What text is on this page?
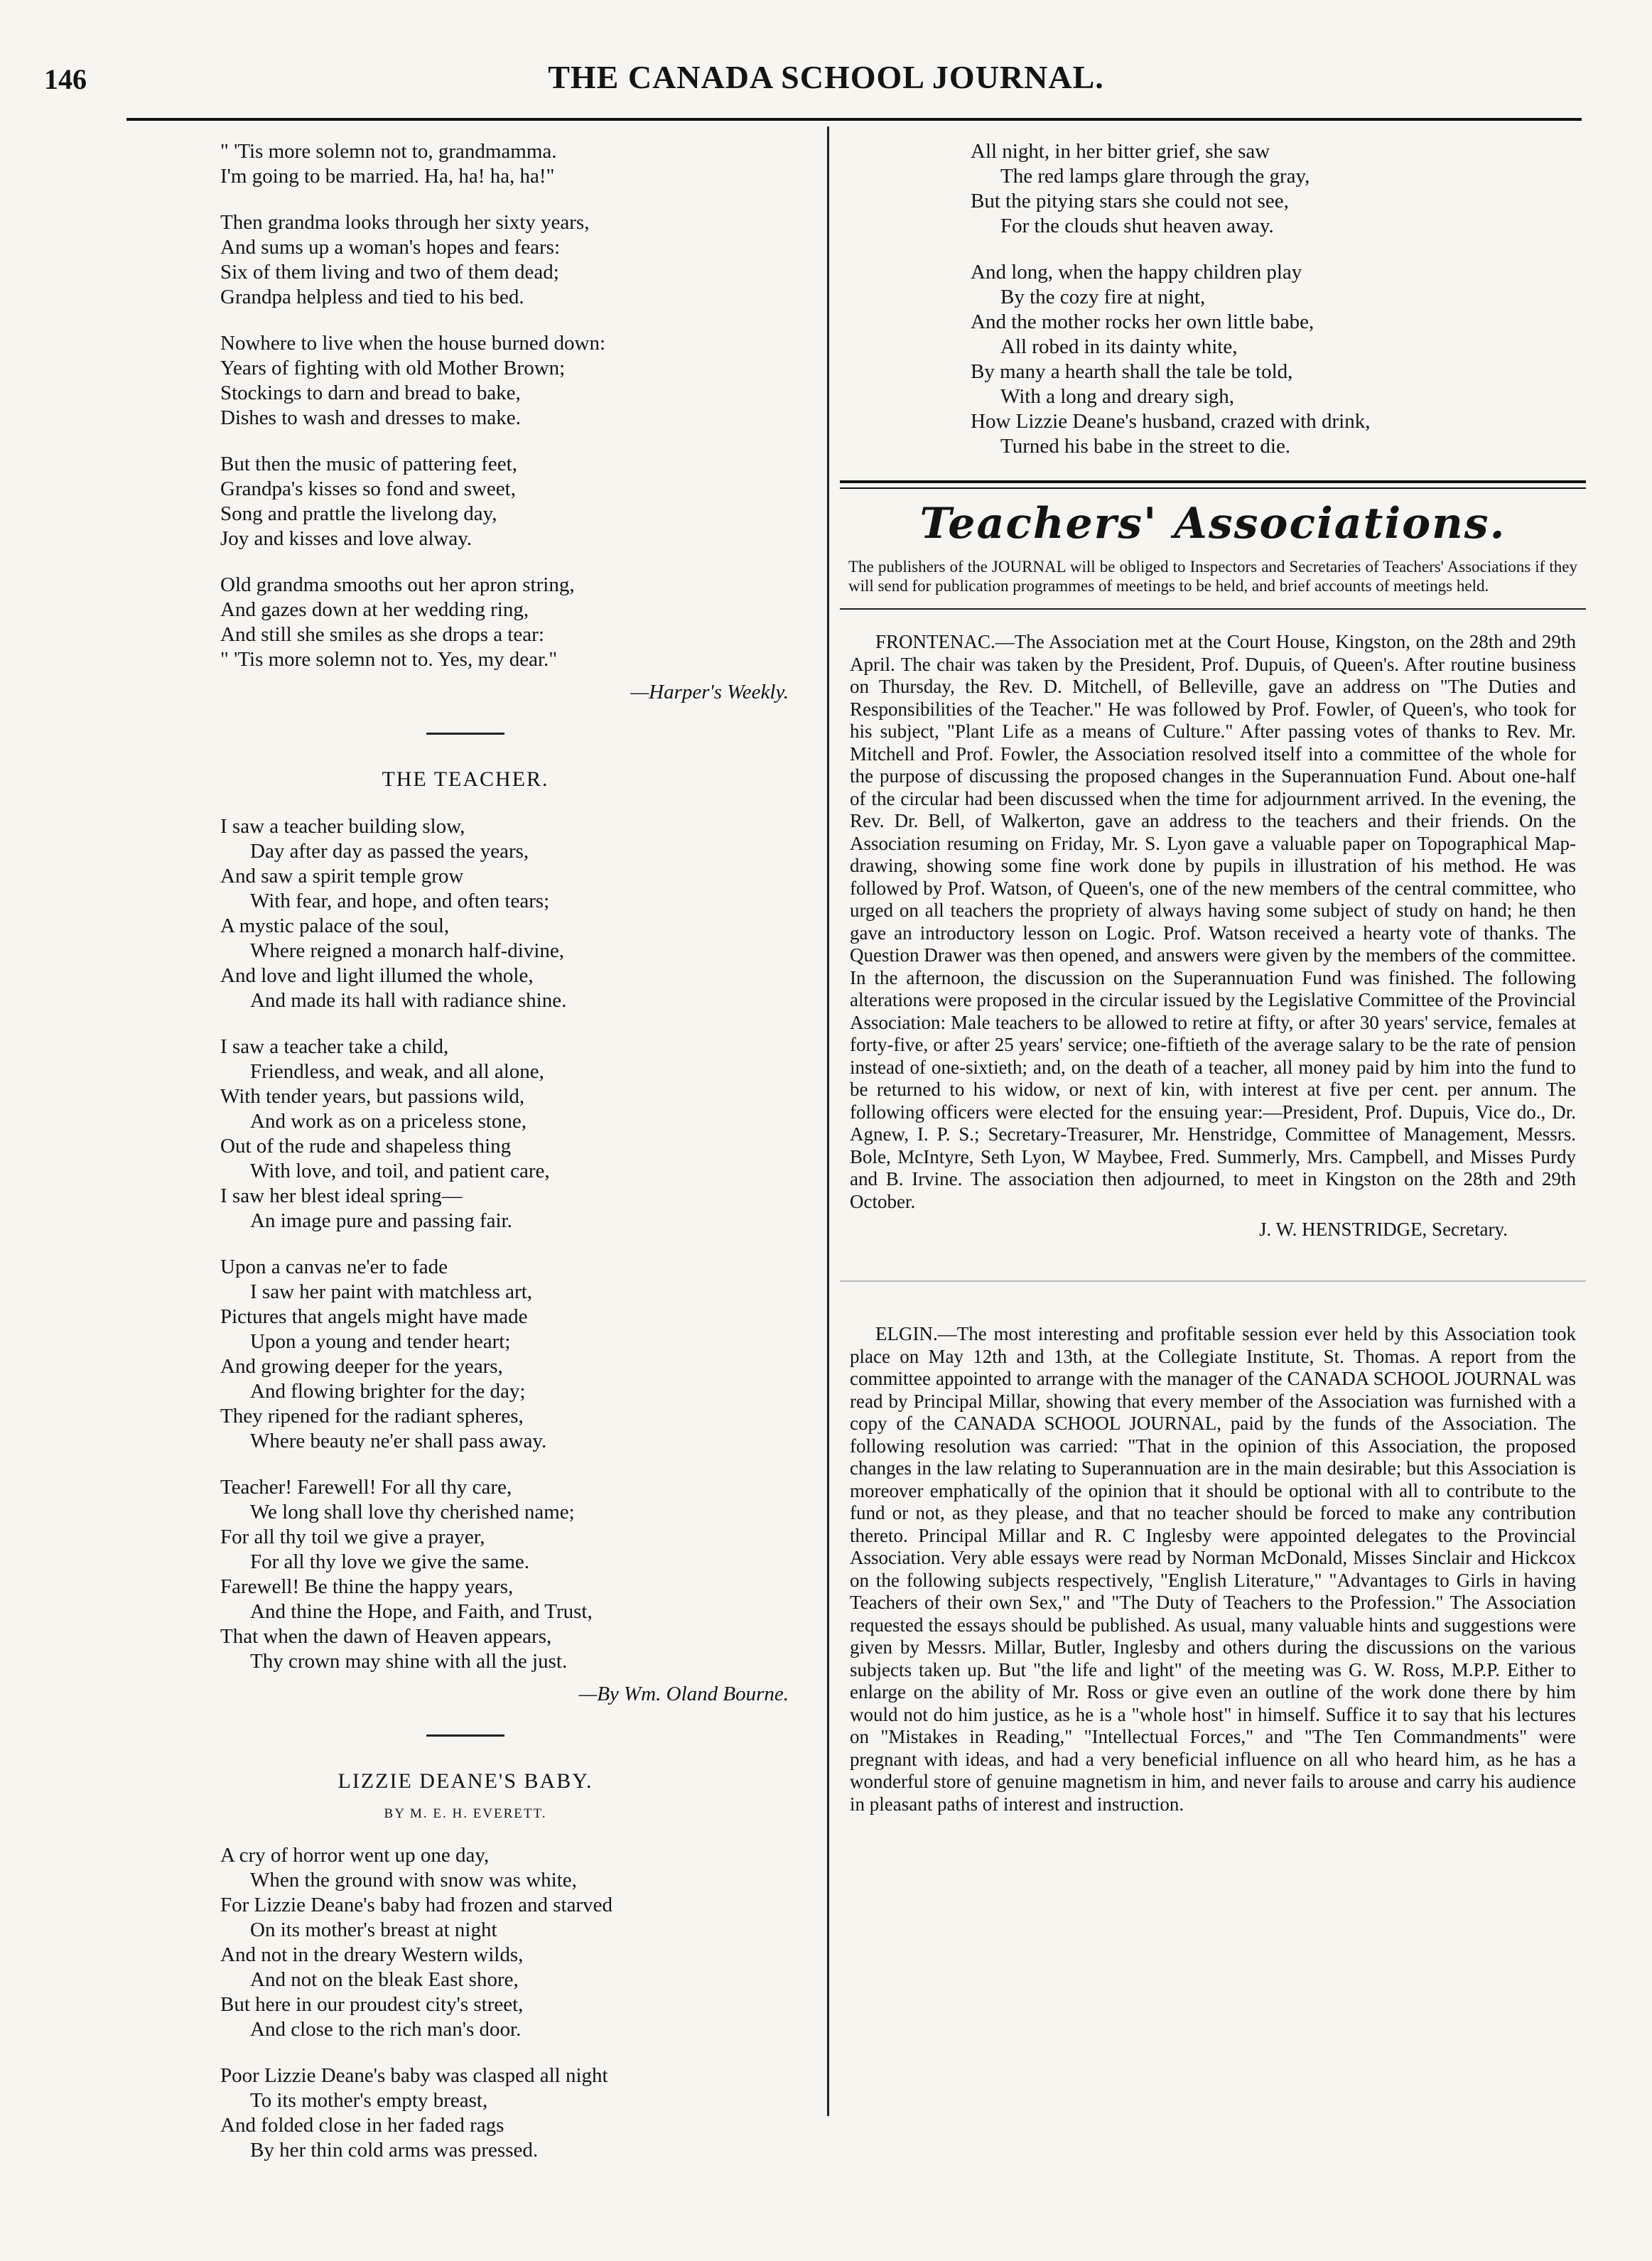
146	THE CANADA SCHOOL JOURNAL.
" 'Tis more solemn not to, grandmamma.
I'm going to be married. Ha, ha! ha, ha!"
Then grandma looks through her sixty years,
And sums up a woman's hopes and fears:
Six of them living and two of them dead;
Grandpa helpless and tied to his bed.
Nowhere to live when the house burned down:
Years of fighting with old Mother Brown;
Stockings to darn and bread to bake,
Dishes to wash and dresses to make.
But then the music of pattering feet,
Grandpa's kisses so fond and sweet,
Song and prattle the livelong day,
Joy and kisses and love alway.
Old grandma smooths out her apron string,
And gazes down at her wedding ring,
And still she smiles as she drops a tear:
" 'Tis more solemn not to. Yes, my dear."
—Harper's Weekly.
THE TEACHER.
I saw a teacher building slow,
Day after day as passed the years,
And saw a spirit temple grow
With fear, and hope, and often tears;
A mystic palace of the soul,
Where reigned a monarch half-divine,
And love and light illumed the whole,
And made its hall with radiance shine.
I saw a teacher take a child,
Friendless, and weak, and all alone,
With tender years, but passions wild,
And work as on a priceless stone,
Out of the rude and shapeless thing
With love, and toil, and patient care,
I saw her blest ideal spring—
An image pure and passing fair.
Upon a canvas ne'er to fade
I saw her paint with matchless art,
Pictures that angels might have made
Upon a young and tender heart;
And growing deeper for the years,
And flowing brighter for the day;
They ripened for the radiant spheres,
Where beauty ne'er shall pass away.
Teacher! Farewell! For all thy care,
We long shall love thy cherished name;
For all thy toil we give a prayer,
For all thy love we give the same.
Farewell! Be thine the happy years,
And thine the Hope, and Faith, and Trust,
That when the dawn of Heaven appears,
Thy crown may shine with all the just.
—By Wm. Oland Bourne.
LIZZIE DEANE'S BABY.
BY M. E. H. EVERETT.
A cry of horror went up one day,
When the ground with snow was white,
For Lizzie Deane's baby had frozen and starved
On its mother's breast at night
And not in the dreary Western wilds,
And not on the bleak East shore,
But here in our proudest city's street,
And close to the rich man's door.
Poor Lizzie Deane's baby was clasped all night
To its mother's empty breast,
And folded close in her faded rags
By her thin cold arms was pressed.
All night, in her bitter grief, she saw
The red lamps glare through the gray,
But the pitying stars she could not see,
For the clouds shut heaven away.
And long, when the happy children play
By the cozy fire at night,
And the mother rocks her own little babe,
All robed in its dainty white,
By many a hearth shall the tale be told,
With a long and dreary sigh,
How Lizzie Deane's husband, crazed with drink,
Turned his babe in the street to die.
Teachers' Associations.
The publishers of the JOURNAL will be obliged to Inspectors and Secretaries of Teachers' Associations if they will send for publication programmes of meetings to be held, and brief accounts of meetings held.
FRONTENAC.—The Association met at the Court House, Kingston, on the 28th and 29th April. The chair was taken by the President, Prof. Dupuis, of Queen's. After routine business on Thursday, the Rev. D. Mitchell, of Belleville, gave an address on "The Duties and Responsibilities of the Teacher." He was followed by Prof. Fowler, of Queen's, who took for his subject, "Plant Life as a means of Culture." After passing votes of thanks to Rev. Mr. Mitchell and Prof. Fowler, the Association resolved itself into a committee of the whole for the purpose of discussing the proposed changes in the Superannuation Fund. About one-half of the circular had been discussed when the time for adjournment arrived. In the evening, the Rev. Dr. Bell, of Walkerton, gave an address to the teachers and their friends. On the Association resuming on Friday, Mr. S. Lyon gave a valuable paper on Topographical Map-drawing, showing some fine work done by pupils in illustration of his method. He was followed by Prof. Watson, of Queen's, one of the new members of the central committee, who urged on all teachers the propriety of always having some subject of study on hand; he then gave an introductory lesson on Logic. Prof. Watson received a hearty vote of thanks. The Question Drawer was then opened, and answers were given by the members of the committee. In the afternoon, the discussion on the Superannuation Fund was finished. The following alterations were proposed in the circular issued by the Legislative Committee of the Provincial Association: Male teachers to be allowed to retire at fifty, or after 30 years' service, females at forty-five, or after 25 years' service; one-fiftieth of the average salary to be the rate of pension instead of one-sixtieth; and, on the death of a teacher, all money paid by him into the fund to be returned to his widow, or next of kin, with interest at five per cent. per annum. The following officers were elected for the ensuing year:—President, Prof. Dupuis, Vice do., Dr. Agnew, I. P. S.; Secretary-Treasurer, Mr. Henstridge, Committee of Management, Messrs. Bole, McIntyre, Seth Lyon, W Maybee, Fred. Summerly, Mrs. Campbell, and Misses Purdy and B. Irvine. The association then adjourned, to meet in Kingston on the 28th and 29th October.
J. W. HENSTRIDGE, Secretary.
ELGIN.—The most interesting and profitable session ever held by this Association took place on May 12th and 13th, at the Collegiate Institute, St. Thomas. A report from the committee appointed to arrange with the manager of the CANADA SCHOOL JOURNAL was read by Principal Millar, showing that every member of the Association was furnished with a copy of the CANADA SCHOOL JOURNAL, paid by the funds of the Association. The following resolution was carried: "That in the opinion of this Association, the proposed changes in the law relating to Superannuation are in the main desirable; but this Association is moreover emphatically of the opinion that it should be optional with all to contribute to the fund or not, as they please, and that no teacher should be forced to make any contribution thereto. Principal Millar and R. C Inglesby were appointed delegates to the Provincial Association. Very able essays were read by Norman McDonald, Misses Sinclair and Hickcox on the following subjects respectively, "English Literature," "Advantages to Girls in having Teachers of their own Sex," and "The Duty of Teachers to the Profession." The Association requested the essays should be published. As usual, many valuable hints and suggestions were given by Messrs. Millar, Butler, Inglesby and others during the discussions on the various subjects taken up. But "the life and light" of the meeting was G. W. Ross, M.P.P. Either to enlarge on the ability of Mr. Ross or give even an outline of the work done there by him would not do him justice, as he is a "whole host" in himself. Suffice it to say that his lectures on "Mistakes in Reading," "Intellectual Forces," and "The Ten Commandments" were pregnant with ideas, and had a very beneficial influence on all who heard him, as he has a wonderful store of genuine magnetism in him, and never fails to arouse and carry his audience in pleasant paths of interest and instruction.
